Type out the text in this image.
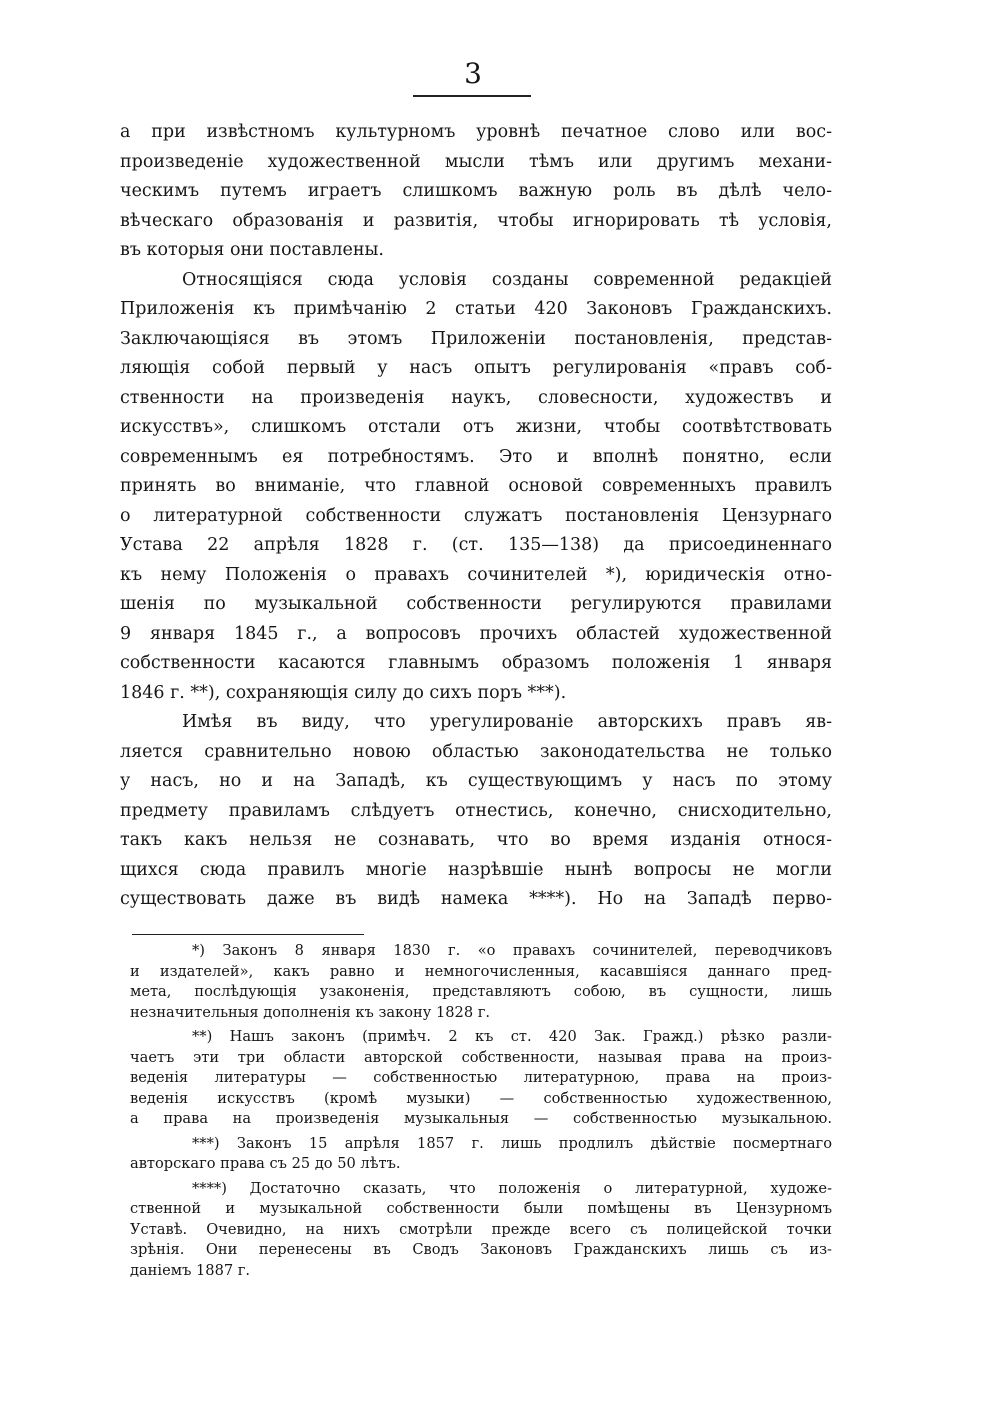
3
а при извѣстномъ культурномъ уровнѣ печатное слово или вос-
произведеніе художественной мысли тѣмъ или другимъ механи-
ческимъ путемъ играетъ слишкомъ важную роль въ дѣлѣ чело-
вѣческаго образованія и развитія, чтобы игнорировать тѣ условія,
въ которыя они поставлены.
Относящіяся сюда условія созданы современной редакціей
Приложенія къ примѣчанію 2 статьи 420 Законовъ Гражданскихъ.
Заключающіяся въ этомъ Приложеніи постановленія, представ-
ляющія собой первый у насъ опытъ регулированія «правъ соб-
ственности на произведенія наукъ, словесности, художествъ и
искусствъ», слишкомъ отстали отъ жизни, чтобы соотвѣтствовать
современнымъ ея потребностямъ. Это и вполнѣ понятно, если
принять во вниманіе, что главной основой современныхъ правилъ
о литературной собственности служатъ постановленія Цензурнаго
Устава 22 апрѣля 1828 г. (ст. 135—138) да присоединеннаго
къ нему Положенія о правахъ сочинителей *), юридическія отно-
шенія по музыкальной собственности регулируются правилами
9 января 1845 г., а вопросовъ прочихъ областей художественной
собственности касаются главнымъ образомъ положенія 1 января
1846 г. **), сохраняющія силу до сихъ поръ ***).
Имѣя въ виду, что урегулированіе авторскихъ правъ яв-
ляется сравнительно новою областью законодательства не только
у насъ, но и на Западѣ, къ существующимъ у насъ по этому
предмету правиламъ слѣдуетъ отнестись, конечно, снисходительно,
такъ какъ нельзя не сознавать, что во время изданія относя-
щихся сюда правилъ многіе назрѣвшіе нынѣ вопросы не могли
существовать даже въ видѣ намека ****). Но на Западѣ перво-
*) Законъ 8 января 1830 г. «о правахъ сочинителей, переводчиковъ
и издателей», какъ равно и немногочисленныя, касавшіяся даннаго пред-
мета, послѣдующія узаконенія, представляютъ собою, въ сущности, лишь
незначительныя дополненія къ закону 1828 г.
**) Нашъ законъ (примѣч. 2 къ ст. 420 Зак. Гражд.) рѣзко разли-
чаетъ эти три области авторской собственности, называя права на произ-
веденія литературы — собственностью литературною, права на произ-
веденія искусствъ (кромѣ музыки) — собственностью художественною,
а права на произведенія музыкальныя — собственностью музыкальною.
***) Законъ 15 апрѣля 1857 г. лишь продлилъ дѣйствіе посмертнаго
авторскаго права съ 25 до 50 лѣтъ.
****) Достаточно сказать, что положенія о литературной, художе-
ственной и музыкальной собственности были помѣщены въ Цензурномъ
Уставѣ. Очевидно, на нихъ смотрѣли прежде всего съ полицейской точки
зрѣнія. Они перенесены въ Сводъ Законовъ Гражданскихъ лишь съ из-
даніемъ 1887 г.
